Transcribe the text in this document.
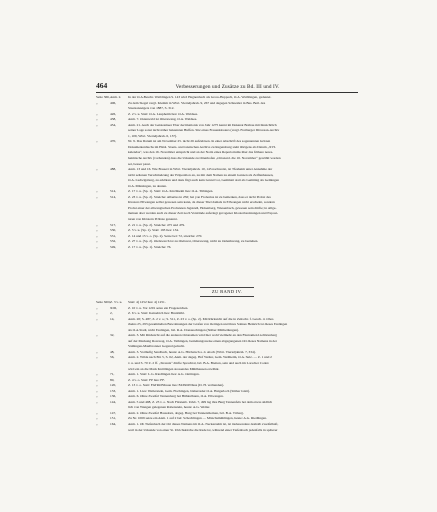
464	Verbesserungen und Zusätze zu Bd. III und IV.
Seite 366, Anm. 2.	In der O.A.Beschr. Waiblingen S. 143 wird Hegnenbach als Gross-Heppach, O.A. Waiblingen, gedeutet.
„	406,	Zu dem Siegel vergl. Klemm in Wbrt. Vierteljahrsh. 9, 267 und dagegen Schneider in Bes. Beil. des
Staatsanzeigers von 1887, S. 312.
„	426,	Z. 2 v. u. Statt: O.A. Laupheim lies: O.A. Waldsee.
„	438,	Anm. 7. Ostenwald ist Otterswang, O.A. Waldsee.
„	454,	Anm. 21. Auch der Geistesmeer Eber decimationis von Jahr 1275 kennt im Dekanat Bothau mit hinsichtlich
seiner Lage sonst nicht näher bekannten Huffen. Sitz eines Frauenklosters (vergl. Freiburger Diöcesan-Archiv
1, 109, Wbrt. Vierteljahrsh. 6, 137).
„	470,	Nr. 9. Das Datum ist am November 25. nicht 26 aufzulösen. In einer Abschrift des sogenannten Gritzen
Dokumentenbuchs im Hztsl. Staats- und tanzischen Archivs zu Regensburg steht übrigens als Datum „XVI.
kalendas“, was den 16. November entspricht und an der Notiz eines Repertoriums über das frühere neres-
heimische Archiv (vorhanden) dass die Urkunde zu Ottenhofen „Ortonard. die 16. November“ gewählt worden
sei, besser passt.
„	488,	Anm. 13 und 16. Wie Bossert in Wbrt. Vierteljahrsh. 10, 145 nachweist, ist Tfesheim unter Annahme der
nicht seltenen Verschmelzung der Präposition an, zu mit dem Namen zu einem Ganzen als Zeiflenhausen,
O.A. Ludwigsburg, zu erklären und dazu fügt auch kein Grund vor, Gemmatt statt als Gemünig als Gemingen
O.A. Münsingen, zu deuten.
„	514,	Z. 17 v. u. (Sp. 1). Statt: O.A. Kirchheim lies: O.A. Tübingen.
„	514,	Z. 23 v. u. (Sp. 2). Streiche: Albertus in 256; bei yon Froberius ist zu bemerken, dass er nicht Probst des
Klosters Ellwangen selbst gewesen sein kann, da dieser Titel damals in Ellwangen nicht erscheint, sondern
Probst einer der ellwangischen Probsteien Jagstzell, Hohenberg, Wiesenbach, gewesen sein dürfte; in Allge-
meinen aber werden auch zu dieser Zeit noch Vorstände auferlegt gevogener Klosterbesitzungen und Exposi-
turen von Klöstern Pröbste genannt.
„	517,	Z. 21 v. u. (Sp. 2). Streiche: 475 und 479.
„	530,	Z. 5 v. u. (Sp. 1). Statt: 193 lies: 134.
„	531,	Z. 14 und 15 v. o. (Sp. 2). Setze bei: 72, streiche: 270.
„	532,	Z. 27 v. u. (Sp. 2). Otelswerch ist zu Otelswar, Otterswang, nicht zu Oelenhwang, zu beziehen.
„	549,	Z. 17 v. u. (Sp. 1). Streiche: 76.
ZU BAND IV.
Seite XIII, Z. 3 v. u.	Statt: 4) 1252 lies: 4) 1251.
„	XIII,	Z. 10 v. u. Vor 1201 setze ein Fragezeichen.
„	2,	Z. 6 v. u. Statt: Keinebich lies: Brunbühl.
„	14,	Anm. 20; S. 487, Z. 2 v. o.; S. 511, Z. 23 v. o. (Sp. 2). Mit Rücksicht auf die in Zeitschr. f. Gesch. d. Ober-
rheins 25, 293 gesammelten Bewohnungen der Grafen von Oetingen und ihres Sohnes Heinrich ist dieses Esslingen
als O.A.Stadt, nicht Esslingen, bzl. R.A. Donauschingen (Stüber Mittheilungen).
„	32,	Anm. 3. Mit Rücksicht auf die anderen Ortsnamen wird hier wohl vielmehr an den Flurnamen Liebbrunberg
auf der Markung Rosswag, O.A. Vaihingen, beziehungsweise einen abgegangenen Ort dieses Namens in der
Vaihingen-Maulbronner Gegend gedacht.
„	48,	Anm. 3. Vorläufig Sandbach, heute: A.G. Hörbatsch a. d. Aisch (Wbrt. Vierteljahrsh. 7, 334).
„	56,	Anm. 2. Wilde nach Bd. 5, S. 62, Anm. der dageg. Hof Weiler, Gem. Weilheim, O.A. Sulz. — Z. 1 und 2
v. u. und S. 70 Z. 2 ff. „Strassla“ dürfte Sprachtal, bzl. B.A. Bretten, sein und auch im Lorscher Codex
wird ein an die Mark Knittlingen stossendes Mühlhausen erwähnt.
„	71,	Anm. 1. Statt: L.G. Riedlingen lies: A.G. Oettingen.
„	80,	Z. 4 v. o. Statt: FP lies: FF.
„	120,	Z. 13 v. o. Statt: FATRONIssua lies: FATRONIsus (D. H. verbunden).
„	133,	Anm. 1. Lies: Weilerstein, Gem. Fischingen, bisherreder O.A. Haigerloch (Stüber Glatt).
„	136,	Anm. 6. Ohne Zweifel Tannenberg bei Bühlerthann, O.A. Ellwangen.
„	144,	Anm. 5 und 498, Z. 23 v. o. Nach Fürstenb. Urkb. 7, 499 lag ihre Burg Tannenfels bei dem etwas südlich
lich von Wangen gelegenen Rabenstein, heute: A.G. Weiler.
„	147,	Anm. 2. Ohne Zweifel Hausdorn, abgeg. Burg bei Tannenthomen, bzl. B.A. Triberg.
„	151,	Zu Nr. 1069 setze ein Anm. 1 auf 2 bei: Schechlingen — Mönchsmühlingen, heute: A.G. Riedlingen.
„	164,	Anm. 1. Ob Tiefenbach der Ort dieses Namens im O.A. Neckarsulm ist, ist insbesondere deshalb zweifelhaft,
weil in der Urkunde von einer St. Ulrichskirche die Rede ist, während einer Tiefenbach jedenfalls in späterer
